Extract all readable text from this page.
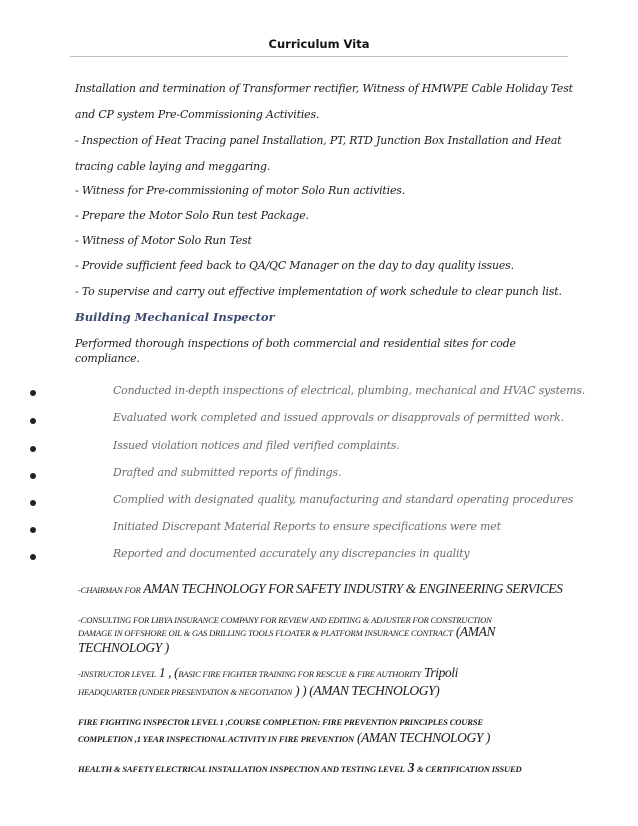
Curriculum Vita
Installation and termination of Transformer rectifier, Witness of HMWPE Cable Holiday Test
and CP system Pre-Commissioning Activities.
- Inspection of Heat Tracing panel Installation, PT, RTD Junction Box Installation and Heat
tracing cable laying and meggaring.
- Witness for Pre-commissioning of motor Solo Run activities.
- Prepare the Motor Solo Run test Package.
- Witness of Motor Solo Run Test
- Provide sufficient feed back to QA/QC Manager on the day to day quality issues.
- To supervise and carry out effective implementation of work schedule to clear punch list.
Building Mechanical Inspector
Performed thorough inspections of both commercial and residential sites for code
compliance.
Conducted in-depth inspections of electrical, plumbing, mechanical and HVAC systems.
Evaluated work completed and issued approvals or disapprovals of permitted work.
Issued violation notices and filed verified complaints.
Drafted and submitted reports of findings.
Complied with designated quality, manufacturing and standard operating procedures
Initiated Discrepant Material Reports to ensure specifications were met
Reported and documented accurately any discrepancies in quality
-CHAIRMAN FOR AMAN TECHNOLOGY FOR SAFETY INDUSTRY & ENGINEERING SERVICES
-CONSULTING FOR LIBYA INSURANCE COMPANY FOR REVIEW AND EDITING & ADJUSTER FOR CONSTRUCTION
DAMAGE IN OFFSHORE OIL & GAS DRILLING TOOLS FLOATER & PLATFORM INSURANCE CONTRACT (AMAN
TECHNOLOGY )
-INSTRUCTOR LEVEL 1 , (BASIC FIRE FIGHTER TRAINING FOR RESCUE & FIRE AUTHORITY Tripoli
HEADQUARTER (UNDER PRESENTATION & NEGOTIATION ) ) (AMAN TECHNOLOGY)
FIRE FIGHTING INSPECTOR LEVEL 1 ,COURSE COMPLETION: FIRE PREVENTION PRINCIPLES COURSE
COMPLETION ,1 YEAR INSPECTIONAL ACTIVITY IN FIRE PREVENTION (AMAN TECHNOLOGY )
HEALTH & SAFETY ELECTRICAL INSTALLATION INSPECTION AND TESTING LEVEL 3 & CERTIFICATION ISSUED
